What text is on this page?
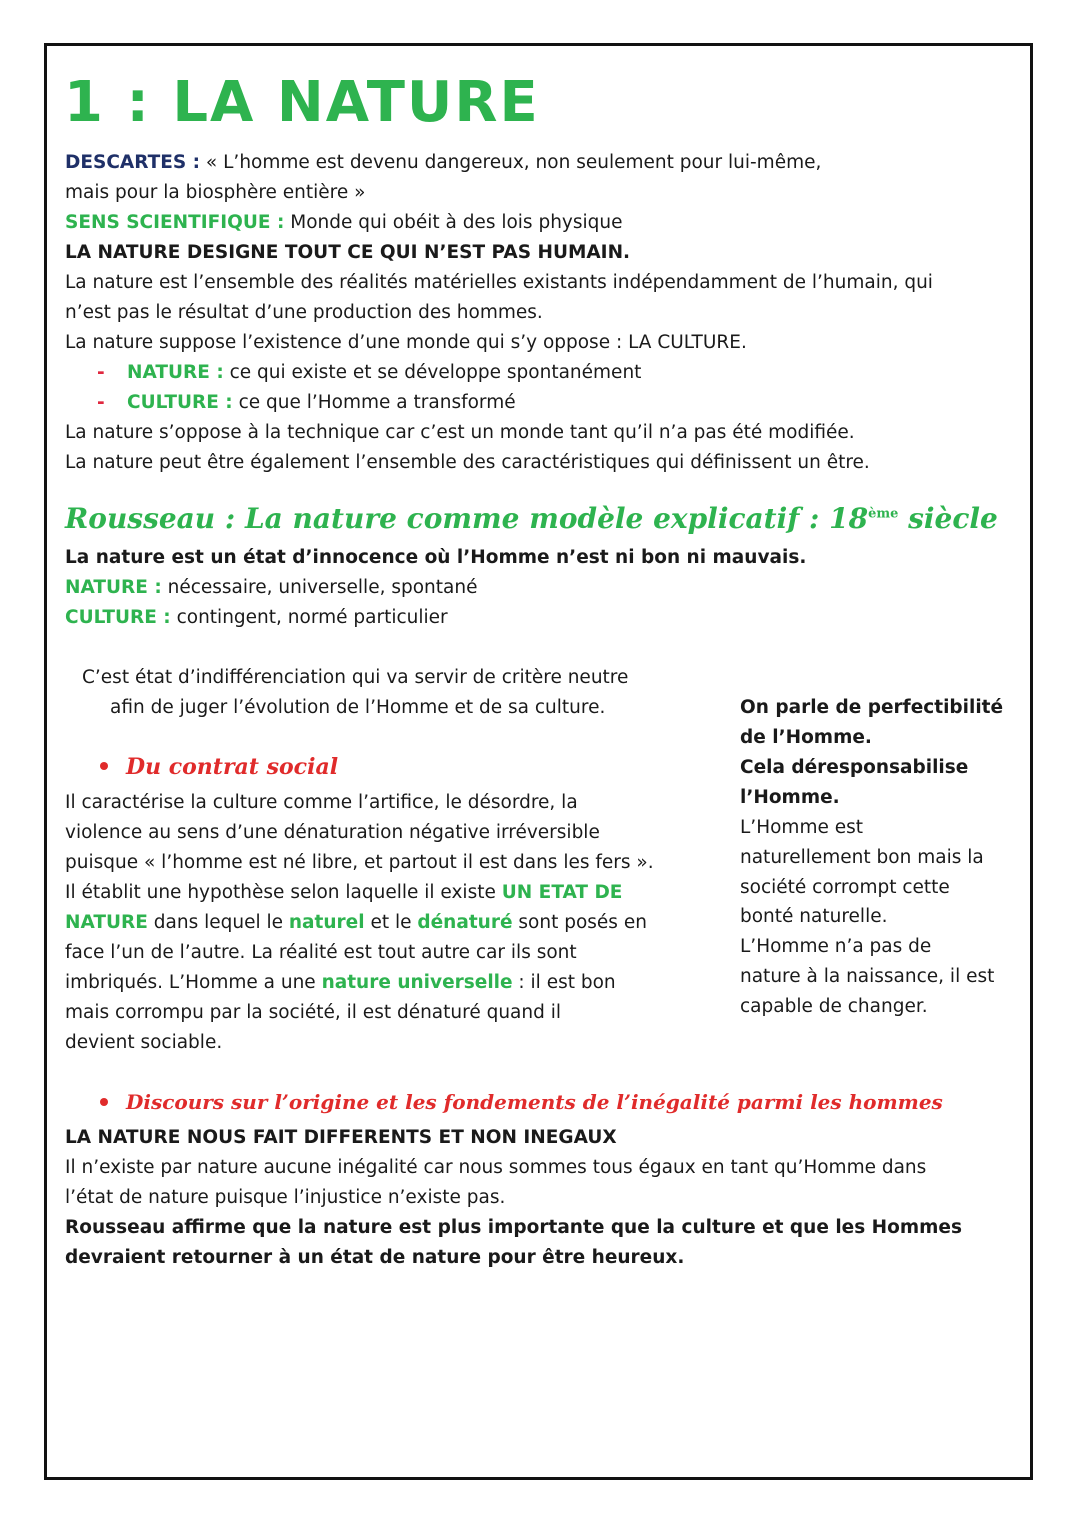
1 : LA NATURE
DESCARTES : « L’homme est devenu dangereux, non seulement pour lui-même,
mais pour la biosphère entière »
SENS SCIENTIFIQUE : Monde qui obéit à des lois physique
LA NATURE DESIGNE TOUT CE QUI N’EST PAS HUMAIN.
La nature est l’ensemble des réalités matérielles existants indépendamment de l’humain, qui
n’est pas le résultat d’une production des hommes.
La nature suppose l’existence d’une monde qui s’y oppose : LA CULTURE.
- NATURE : ce qui existe et se développe spontanément
- CULTURE : ce que l’Homme a transformé
La nature s’oppose à la technique car c’est un monde tant qu’il n’a pas été modifiée.
La nature peut être également l’ensemble des caractéristiques qui définissent un être.
Rousseau : La nature comme modèle explicatif : 18ème siècle
La nature est un état d’innocence où l’Homme n’est ni bon ni mauvais.
NATURE : nécessaire, universelle, spontané
CULTURE : contingent, normé particulier
C’est état d’indifférenciation qui va servir de critère neutre
afin de juger l’évolution de l’Homme et de sa culture.
Du contrat social
Il caractérise la culture comme l’artifice, le désordre, la
violence au sens d’une dénaturation négative irréversible
puisque « l’homme est né libre, et partout il est dans les fers ».
Il établit une hypothèse selon laquelle il existe UN ETAT DE
NATURE dans lequel le naturel et le dénaturé sont posés en
face l’un de l’autre. La réalité est tout autre car ils sont
imbriqués. L’Homme a une nature universelle : il est bon
mais corrompu par la société, il est dénaturé quand il
devient sociable.
On parle de perfectibilité
de l’Homme.
Cela déresponsabilise
l’Homme.
L’Homme est
naturellement bon mais la
société corrompt cette
bonté naturelle.
L’Homme n’a pas de
nature à la naissance, il est
capable de changer.
Discours sur l’origine et les fondements de l’inégalité parmi les hommes
LA NATURE NOUS FAIT DIFFERENTS ET NON INEGAUX
Il n’existe par nature aucune inégalité car nous sommes tous égaux en tant qu’Homme dans
l’état de nature puisque l’injustice n’existe pas.
Rousseau affirme que la nature est plus importante que la culture et que les Hommes
devraient retourner à un état de nature pour être heureux.
